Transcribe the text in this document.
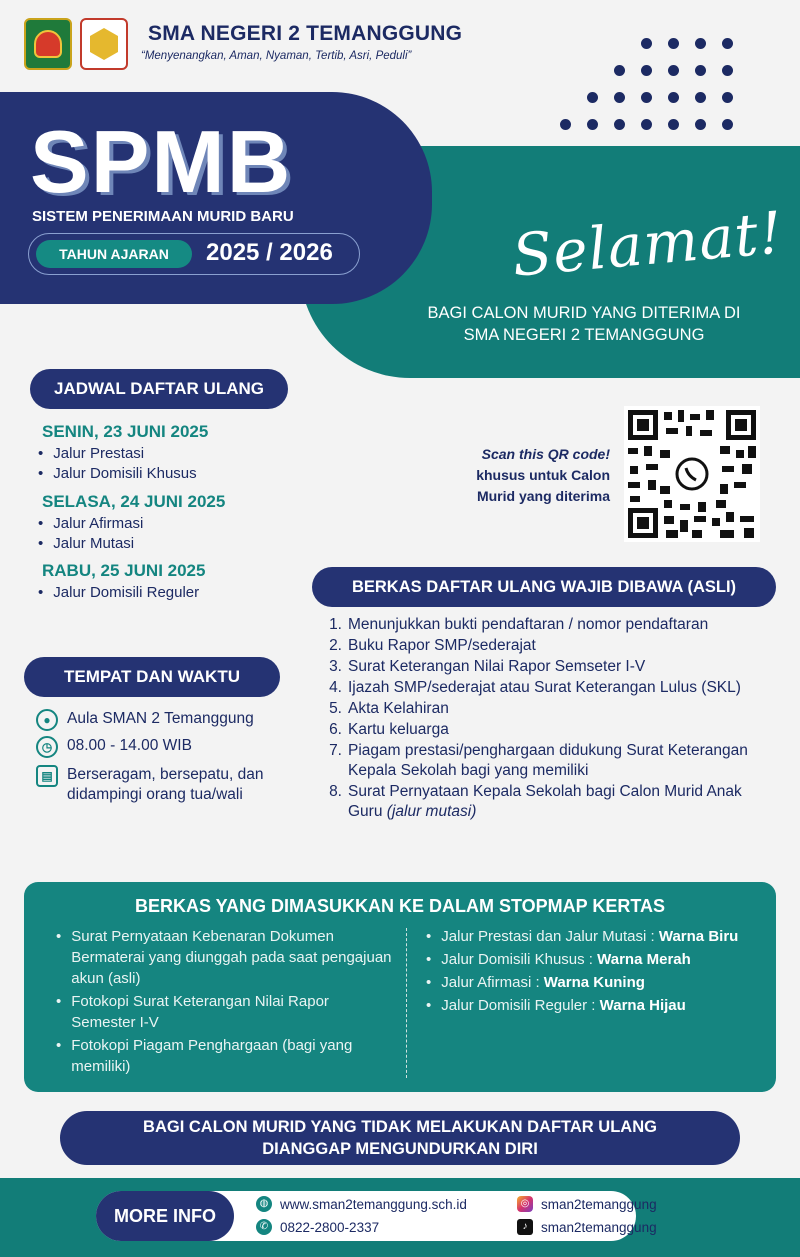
SMA NEGERI 2 TEMANGGUNG
“Menyenangkan, Aman, Nyaman, Tertib, Asri, Peduli”
SPMB
SISTEM PENERIMAAN MURID BARU
TAHUN AJARAN	2025 / 2026	Selamat!
BAGI CALON MURID YANG DITERIMA DI
SMA NEGERI 2 TEMANGGUNG
JADWAL DAFTAR ULANG
SENIN, 23 JUNI 2025
• Jalur Prestasi
• Jalur Domisili Khusus
SELASA, 24 JUNI 2025
• Jalur Afirmasi
• Jalur Mutasi
RABU, 25 JUNI 2025
• Jalur Domisili Reguler
Scan this QR code!
khusus untuk Calon
Murid yang diterima
BERKAS DAFTAR ULANG WAJIB DIBAWA (ASLI)
1. Menunjukkan bukti pendaftaran / nomor pendaftaran
2. Buku Rapor SMP/sederajat
3. Surat Keterangan Nilai Rapor Semseter I-V
4. Ijazah SMP/sederajat atau Surat Keterangan Lulus (SKL)
5. Akta Kelahiran
6. Kartu keluarga
7. Piagam prestasi/penghargaan didukung Surat Keterangan Kepala Sekolah bagi yang memiliki
8. Surat Pernyataan Kepala Sekolah bagi Calon Murid Anak Guru (jalur mutasi)
TEMPAT DAN WAKTU
●	Aula SMAN 2 Temanggung
◷ 08.00 - 14.00 WIB
▤ Berseragam, bersepatu, dan didampingi orang tua/wali
BERKAS YANG DIMASUKKAN KE DALAM STOPMAP KERTAS
• Surat Pernyataan Kebenaran Dokumen Bermaterai yang diunggah pada saat pengajuan akun (asli)
• Fotokopi Surat Keterangan Nilai Rapor Semester I-V
• Fotokopi Piagam Penghargaan (bagi yang memiliki)
• Jalur Prestasi dan Jalur Mutasi : Warna Biru
• Jalur Domisili Khusus : Warna Merah
• Jalur Afirmasi : Warna Kuning
• Jalur Domisili Reguler : Warna Hijau
BAGI CALON MURID YANG TIDAK MELAKUKAN DAFTAR ULANG
DIANGGAP MENGUNDURKAN DIRI
MORE INFO
◍ www.sman2temanggung.sch.id
✆ 0822-2800-2337
◎ sman2temanggung
♪	sman2temanggung
